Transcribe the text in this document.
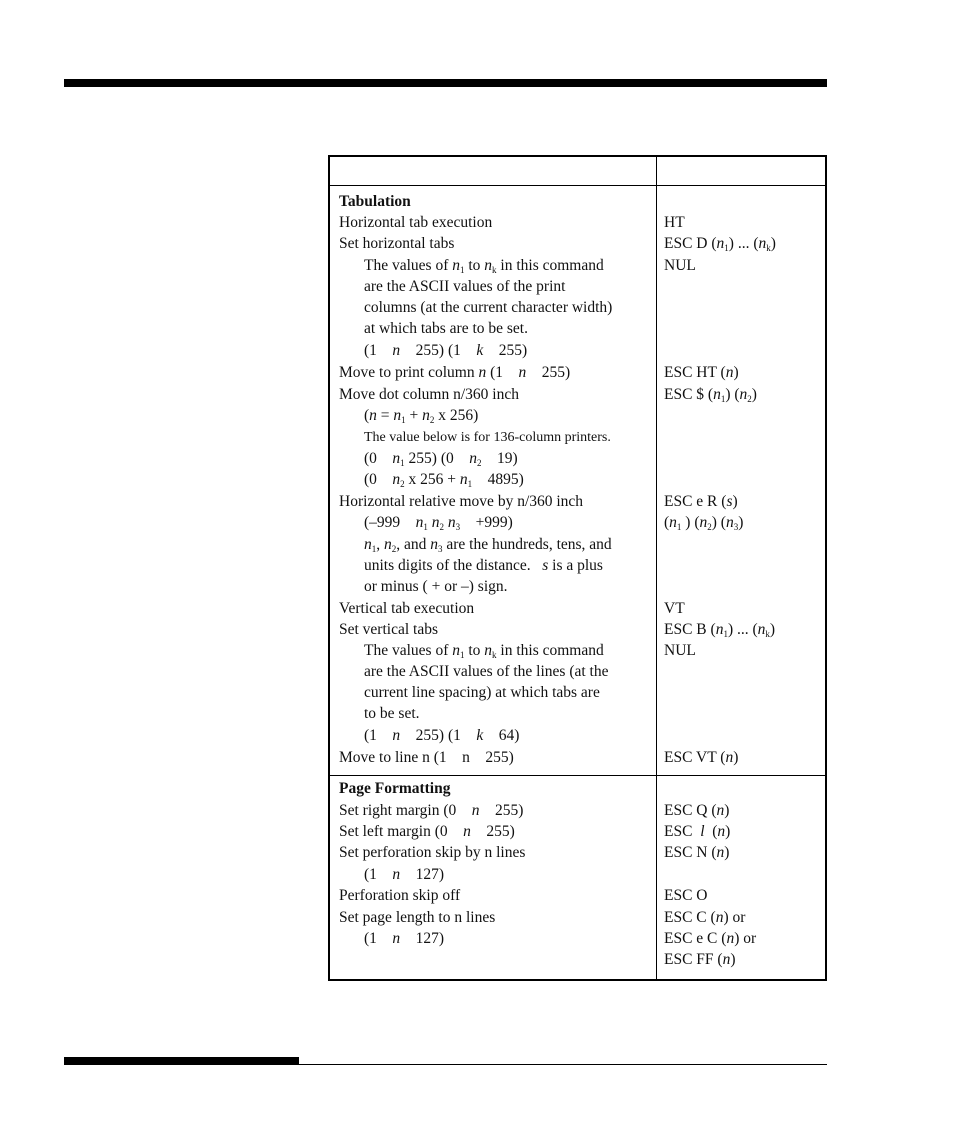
Tabulation
Horizontal tab execution	HT
Set horizontal tabs	ESC D $(n_1)$ ... $(n_k)$
The values of $n_1$ to $n_k$ in this command	NUL
are the ASCII values of the print
columns (at the current character width)
at which tabs are to be set.
(1    n    255) (1    k    255)
Move to print column n (1    n    255)	ESC HT (n)
Move dot column n/360 inch	ESC $ $(n_1)$ $(n_2)$
($n = n_1 + n_2$ x 256)
The value below is for 136-column printers.
(0    $n_1$ 255) (0    $n_2$    19)
(0    $n_2$ x $256 + n_1$    4895)
Horizontal relative move by n/360 inch	ESC e R (s)
(–999 $n_1$ $n_2$ $n_3 +999$)	($n_1$ ) $(n_2)$ $(n_3)$
$n_1$, $n_2$, and $n_3$ are the hundreds, tens, and
units digits of the distance. s is a plus
or minus ( + or –) sign.
Vertical tab execution	VT
Set vertical tabs	ESC B $(n_1)$ ... $(n_k)$
The values of $n_1$ to $n_k$ in this command	NUL
are the ASCII values of the lines (at the
current line spacing) at which tabs are
to be set.
(1    n    255) (1    k    64)
Move to line n (1    n    255)	ESC VT (n)
Page Formatting
Set right margin (0 n    255)	ESC Q (n)
Set left margin (0 n    255)	ESC  l  (n)
Set perforation skip by n lines	ESC N (n)
(1    n    127)
Perforation skip off	ESC O
Set page length to n lines	ESC C (n) or
(1    n    127)	ESC e C (n) or
ESC FF (n)
